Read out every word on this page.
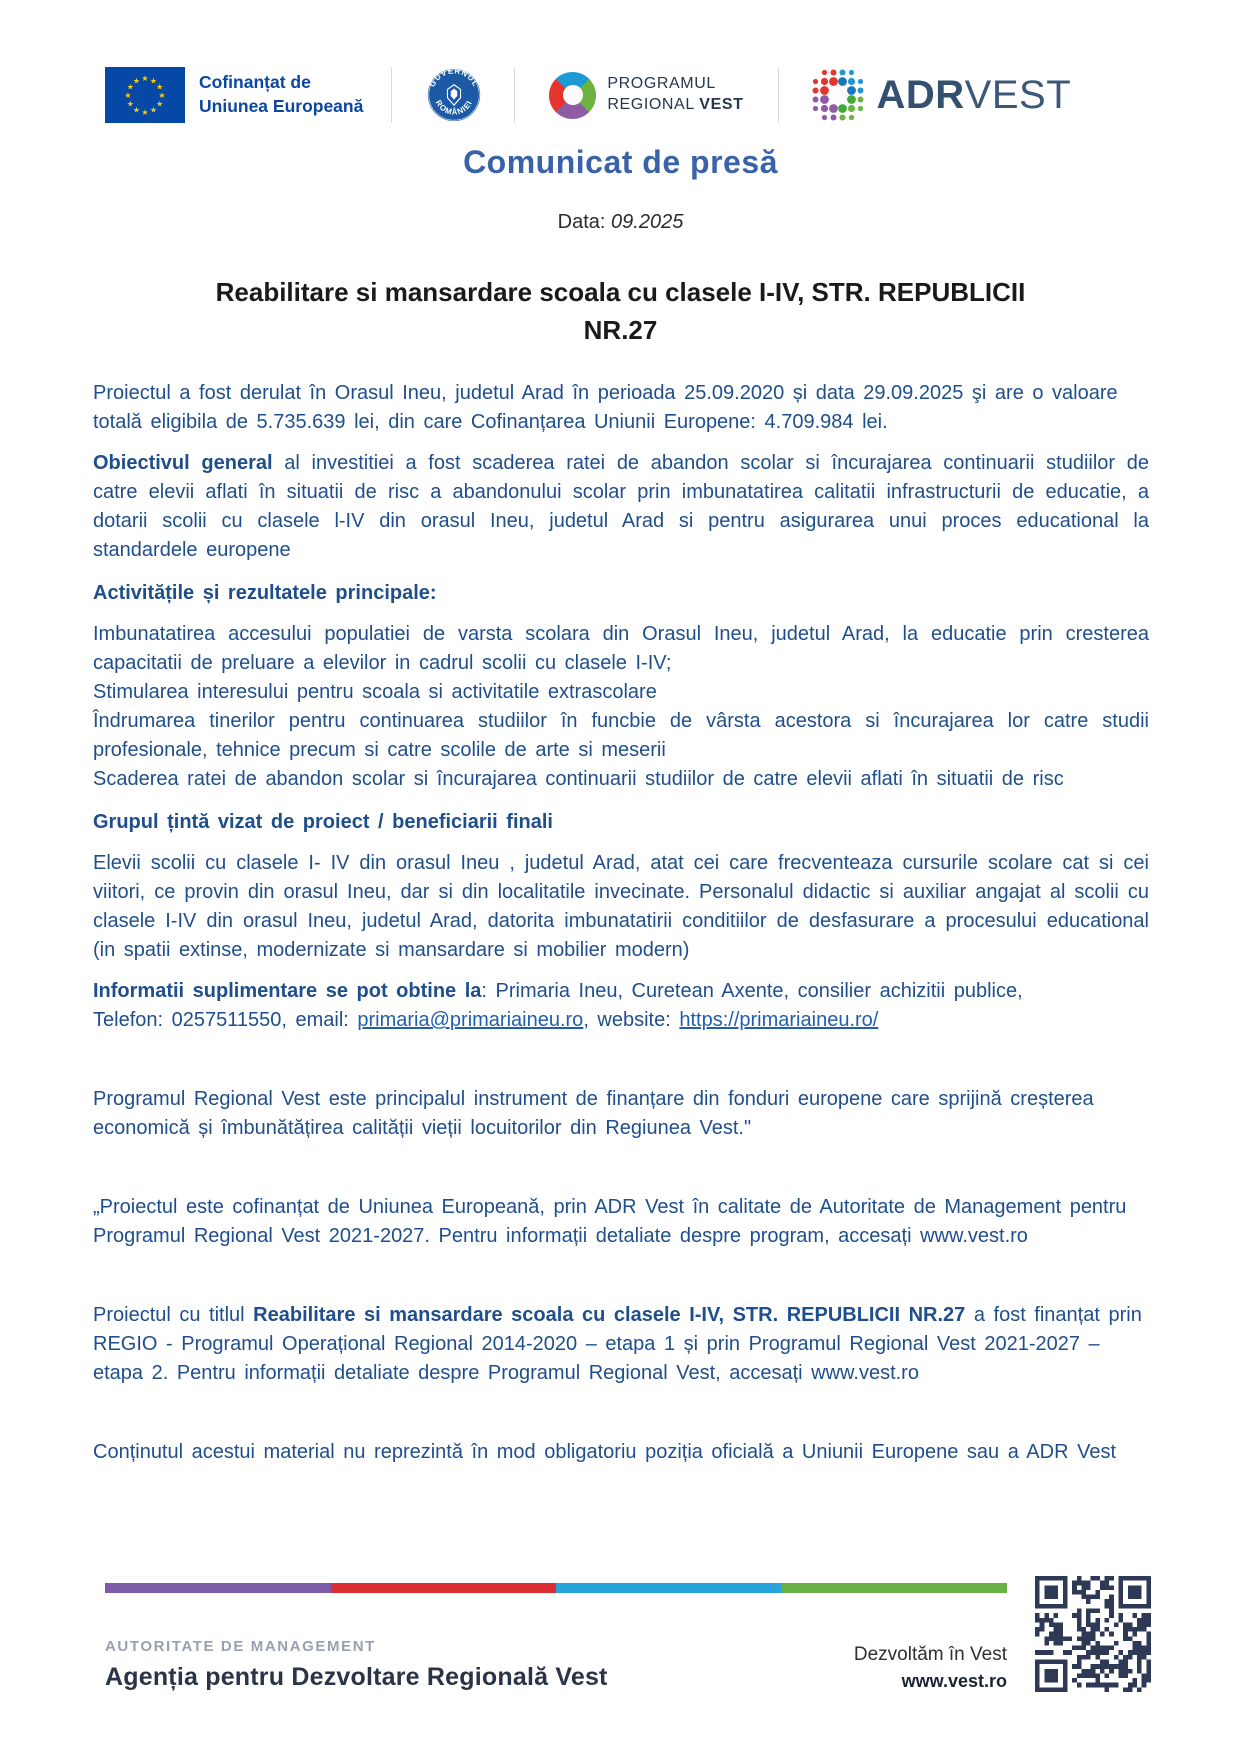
★ ★
★
★
★
★
★
★
★
★
★
★	Cofinanțat de
Uniunea Europeană
GUVERNUL
ROMÂNIEI
PROGRAMUL
REGIONAL VEST	ADRVEST
Comunicat de presă
Data: 09.2025
Reabilitare si mansardare scoala cu clasele I-IV, STR. REPUBLICII
NR.27

Proiectul a fost derulat în Orasul Ineu, judetul Arad în perioada 25.09.2020 și data 29.09.2025 şi are o valoare totală eligibila de 5.735.639 lei, din care Cofinanțarea Uniunii Europene: 4.709.984 lei.

Obiectivul general al investitiei a fost scaderea ratei de abandon scolar si încurajarea continuarii studiilor de catre elevii aflati în situatii de risc a abandonului scolar prin imbunatatirea calitatii infrastructurii de educatie, a dotarii scolii cu clasele l-IV din orasul Ineu, judetul Arad si pentru asigurarea unui proces educational la standardele europene

Activitățile și rezultatele principale:
Imbunatatirea accesului populatiei de varsta scolara din Orasul Ineu, judetul Arad, la educatie prin cresterea capacitatii de preluare a elevilor in cadrul scolii cu clasele I-IV;
Stimularea interesului pentru scoala si activitatile extrascolare
Îndrumarea tinerilor pentru continuarea studiilor în funcbie de vârsta acestora si încurajarea lor catre studii profesionale, tehnice precum si catre scolile de arte si meserii
Scaderea ratei de abandon scolar si încurajarea continuarii studiilor de catre elevii aflati în situatii de risc
Grupul țintă vizat de proiect / beneficiarii finali

Elevii scolii cu clasele I- IV din orasul Ineu , judetul Arad, atat cei care frecventeaza cursurile scolare cat si cei viitori, ce provin din orasul Ineu, dar si din localitatile invecinate. Personalul didactic si auxiliar angajat al scolii cu clasele I-IV din orasul Ineu, judetul Arad, datorita imbunatatirii conditiilor de desfasurare a procesului educational (in spatii extinse, modernizate si mansardare si mobilier modern)

Informatii suplimentare se pot obtine la: Primaria Ineu, Curetean Axente, consilier achizitii publice,

Telefon: 0257511550, email: primaria@primariaineu.ro, website: https://primariaineu.ro/

Programul Regional Vest este principalul instrument de finanțare din fonduri europene care sprijină creșterea economică și îmbunătățirea calității vieții locuitorilor din Regiunea Vest."

„Proiectul este cofinanțat de Uniunea Europeană, prin ADR Vest în calitate de Autoritate de Management pentru Programul Regional Vest 2021-2027. Pentru informații detaliate despre program, accesați www.vest.ro

Proiectul cu titlul Reabilitare si mansardare scoala cu clasele I-IV, STR. REPUBLICII NR.27 a fost finanțat prin REGIO - Programul Operațional Regional 2014-2020 – etapa 1 și prin Programul Regional Vest 2021-2027 – etapa 2. Pentru informații detaliate despre Programul Regional Vest, accesați www.vest.ro

Conținutul acestui material nu reprezintă în mod obligatoriu poziția oficială a Uniunii Europene sau a ADR Vest

AUTORITATE DE MANAGEMENT
Agenția pentru Dezvoltare Regională Vest
Dezvoltăm în Vest
www.vest.ro
